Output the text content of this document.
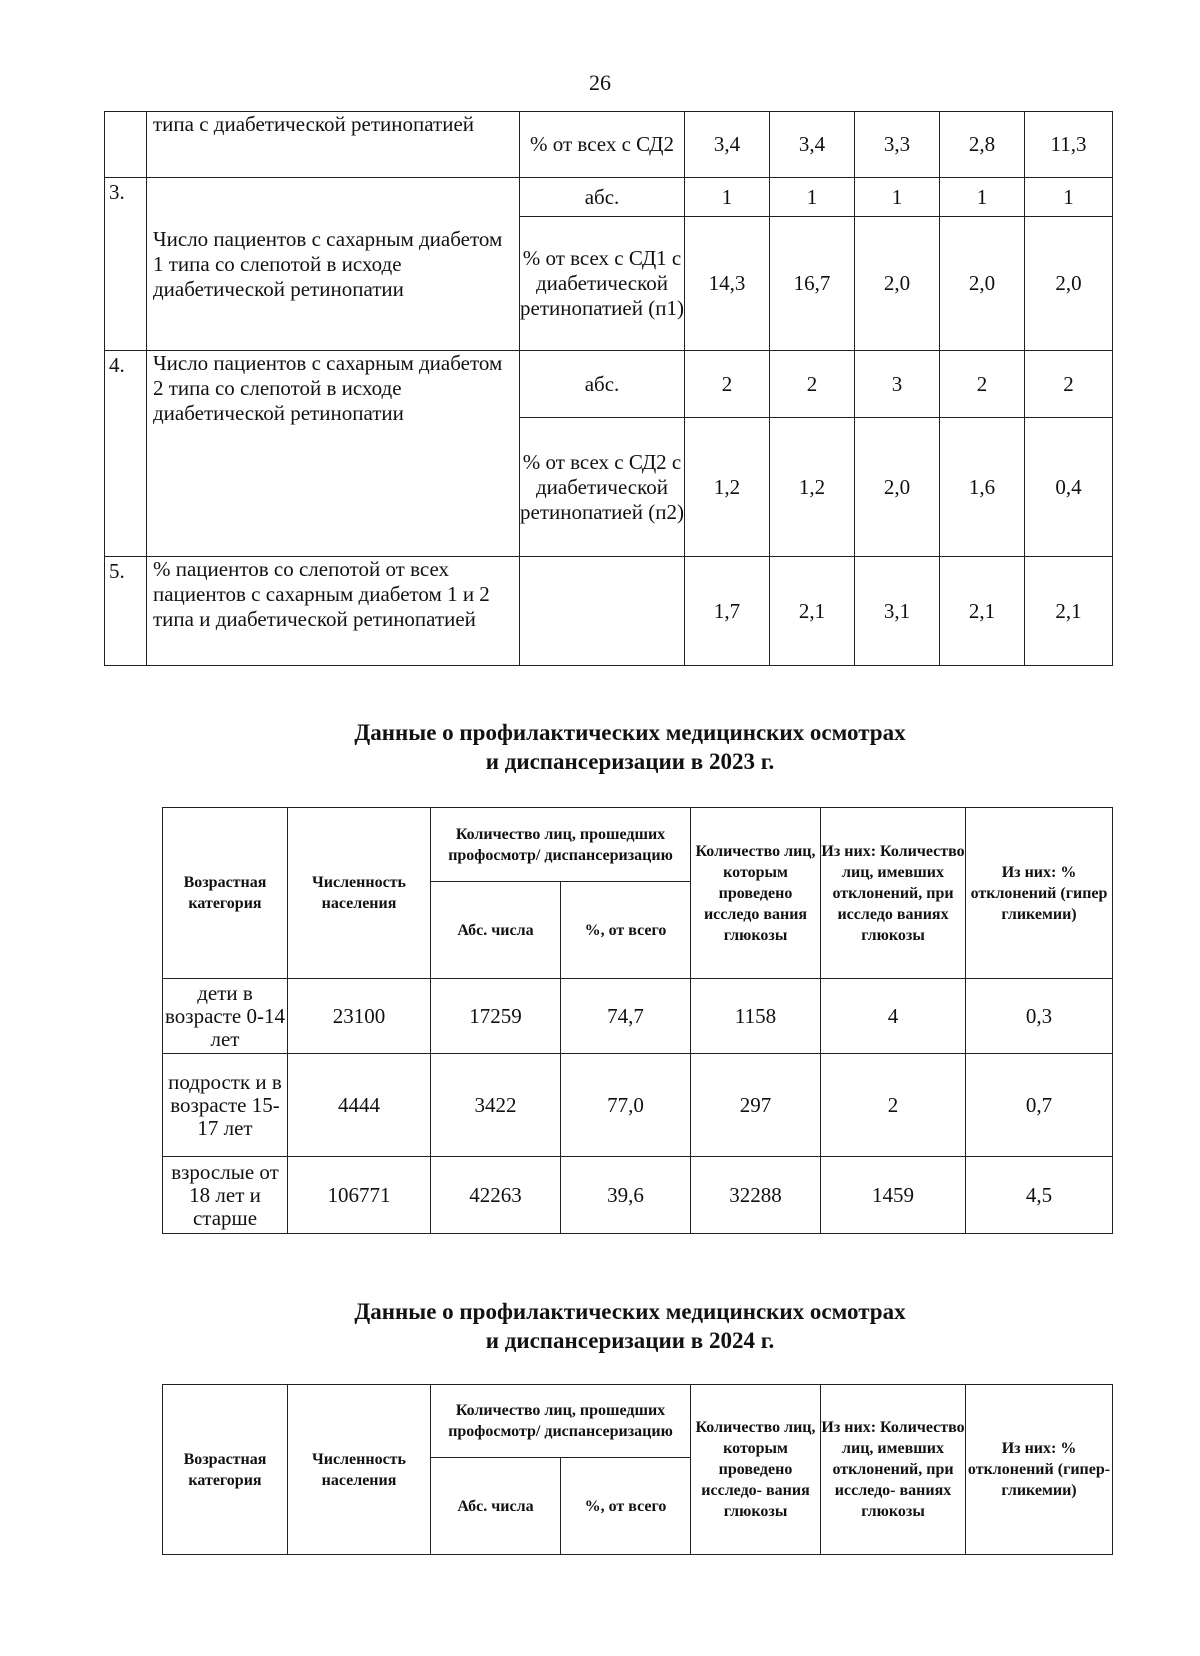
26
	типа с диабетической ретинопатией	% от всех с СД2	3,4	3,4	3,3	2,8	11,3
3.	Число пациентов с сахарным диабетом 1 типа со слепотой в исходе диабетической ретинопатии	абс.	1	1	1	1	1
		% от всех с СД1 с диабетической ретинопатией (п1)	14,3	16,7	2,0	2,0	2,0
4.	Число пациентов с сахарным диабетом 2 типа со слепотой в исходе диабетической ретинопатии	абс.	2	2	3	2	2
		% от всех с СД2 с диабетической ретинопатией (п2)	1,2	1,2	2,0	1,6	0,4
5.	% пациентов со слепотой от всех пациентов с сахарным диабетом 1 и 2 типа и диабетической ретинопатией		1,7	2,1	3,1	2,1	2,1
Данные о профилактических медицинских осмотрах
и диспансеризации в 2023 г.
Возрастная категория	Численность населения	Количество лиц, прошедших профосмотр/ диспансеризацию		Количество лиц, которым проведено исследо вания глюкозы	Из них: Количество лиц, имевших отклонений, при исследо ваниях глюкозы	Из них: % отклонений (гипер гликемии)
		Абс. числа	%, от всего			
дети в возрасте 0-14 лет	23100	17259	74,7	1158	4	0,3
подростк и в возрасте 15-17 лет	4444	3422	77,0	297	2	0,7
взрослые от 18 лет и старше	106771	42263	39,6	32288	1459	4,5
Данные о профилактических медицинских осмотрах
и диспансеризации в 2024 г.
Возрастная категория	Численность населения	Количество лиц, прошедших профосмотр/ диспансеризацию		Количество лиц, которым проведено исследо- вания глюкозы	Из них: Количество лиц, имевших отклонений, при исследо- ваниях глюкозы	Из них: % отклонений (гипер- гликемии)
		Абс. числа	%, от всего			
